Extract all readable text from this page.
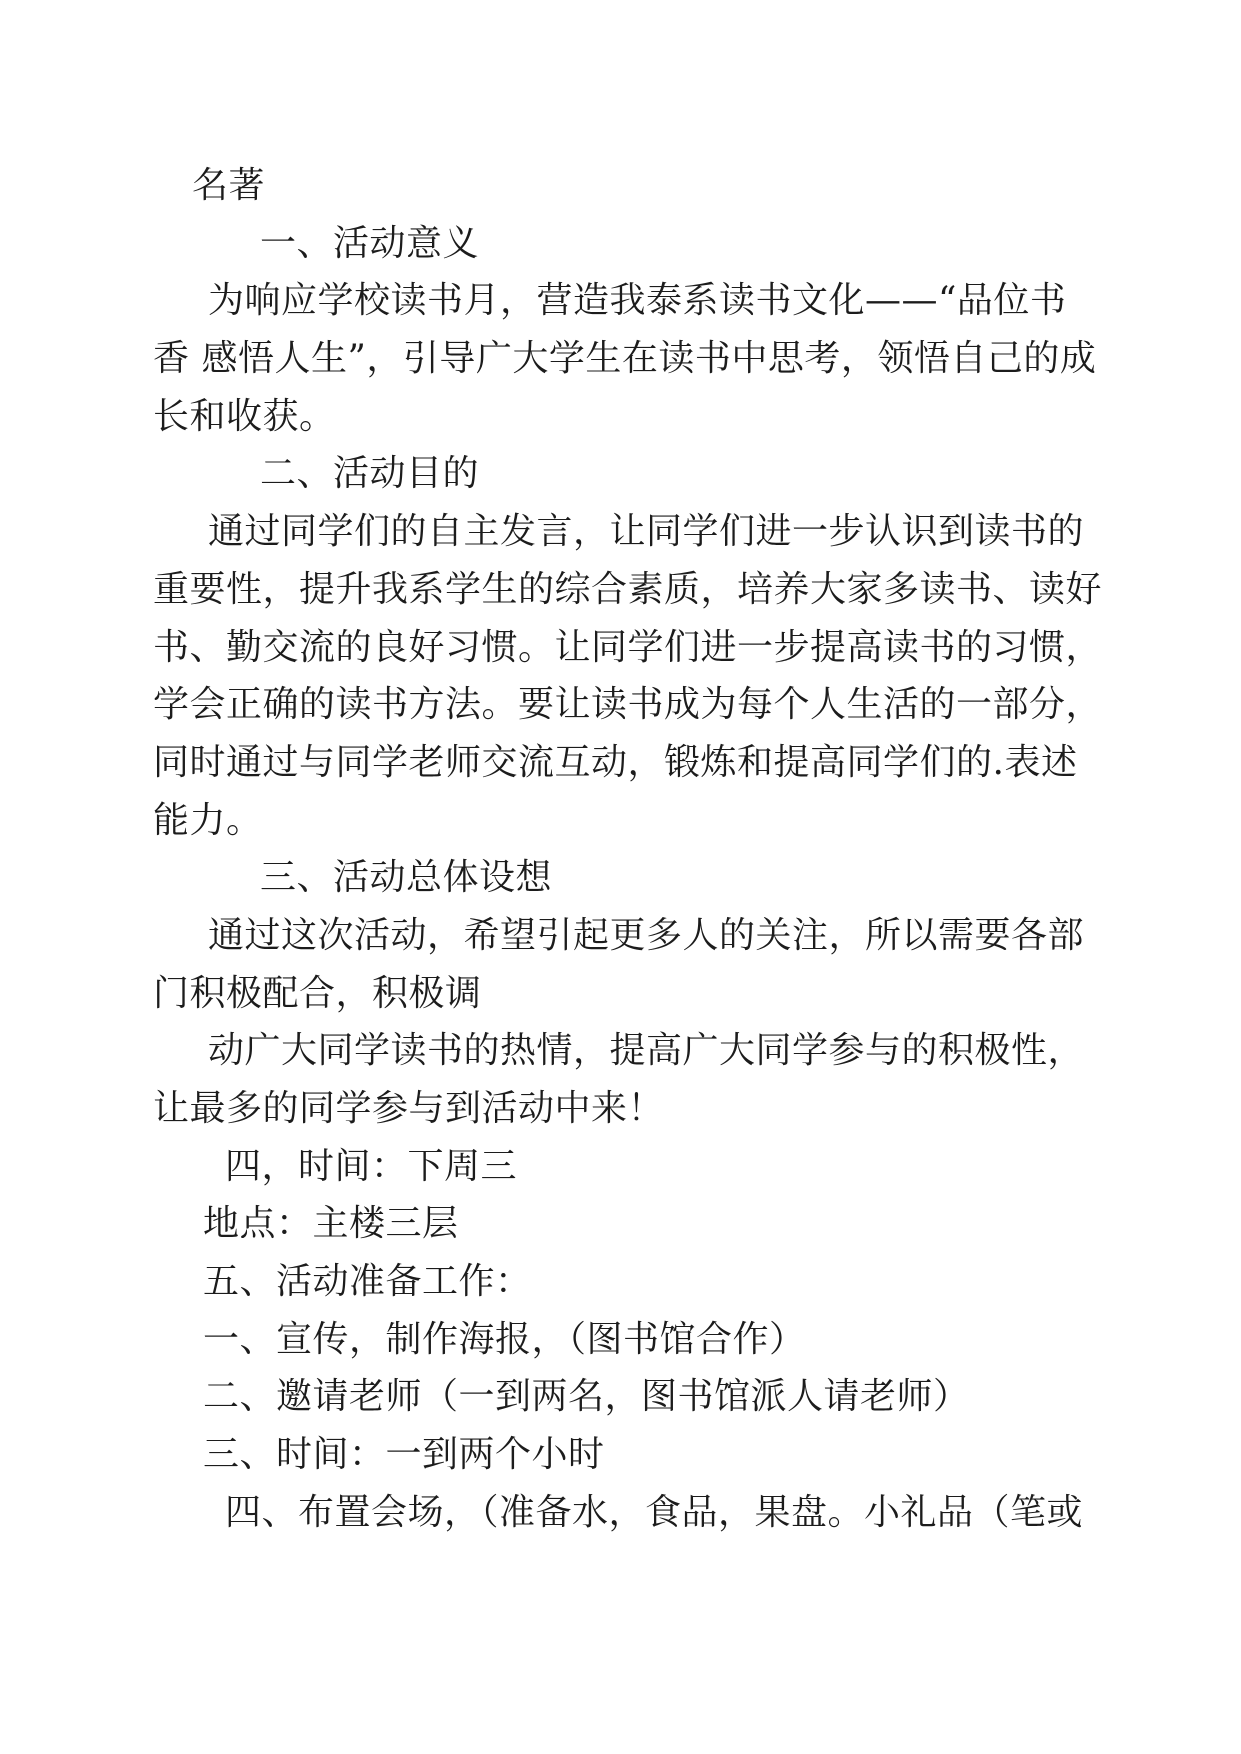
名著
一、活动意义
为响应学校读书月，营造我泰系读书文化——“品位书
香 感悟人生”，引导广大学生在读书中思考，领悟自己的成
长和收获。
二、活动目的
通过同学们的自主发言，让同学们进一步认识到读书的
重要性，提升我系学生的综合素质，培养大家多读书、读好
书、勤交流的良好习惯。让同学们进一步提高读书的习惯，
学会正确的读书方法。要让读书成为每个人生活的一部分，
同时通过与同学老师交流互动，锻炼和提高同学们的.表述
能力。
三、活动总体设想
通过这次活动，希望引起更多人的关注，所以需要各部
门积极配合，积极调
动广大同学读书的热情，提高广大同学参与的积极性，
让最多的同学参与到活动中来！
四，时间：下周三
地点：主楼三层
五、活动准备工作：
一、宣传，制作海报，（图书馆合作）
二、邀请老师（一到两名，图书馆派人请老师）
三、时间：一到两个小时
四、布置会场，（准备水，食品，果盘。小礼品（笔或
